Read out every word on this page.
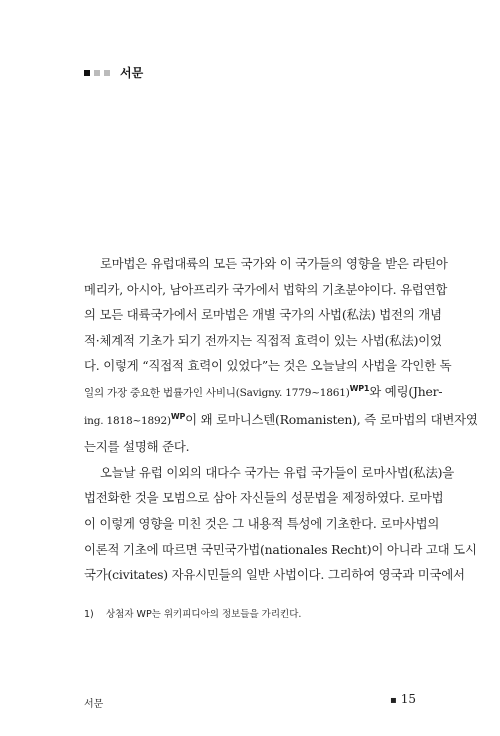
서문
로마법은 유럽대륙의 모든 국가와 이 국가들의 영향을 받은 라틴아
메리카, 아시아, 남아프리카 국가에서 법학의 기초분야이다. 유럽연합
의 모든 대륙국가에서 로마법은 개별 국가의 사법(私法) 법전의 개념
적·체계적 기초가 되기 전까지는 직접적 효력이 있는 사법(私法)이었
다. 이렇게 “직접적 효력이 있었다”는 것은 오늘날의 사법을 각인한 독
일의 가장 중요한 법률가인 사비니(Savigny. 1779~1861)$^{WP1}$와 예링(Jher-
ing. 1818~1892)$^{WP}$이 왜 로마니스텐(Romanisten), 즉 로마법의 대변자였
는지를 설명해 준다.
오늘날 유럽 이외의 대다수 국가는 유럽 국가들이 로마사법(私法)을
법전화한 것을 모범으로 삼아 자신들의 성문법을 제정하였다. 로마법
이 이렇게 영향을 미친 것은 그 내용적 특성에 기초한다. 로마사법의
이론적 기초에 따르면 국민국가법(nationales Recht)이 아니라 고대 도시
국가(civitates) 자유시민들의 일반 사법이다. 그리하여 영국과 미국에서
1) 상첨자 WP는 위키피디아의 정보들을 가리킨다.
서문	▪ 15
